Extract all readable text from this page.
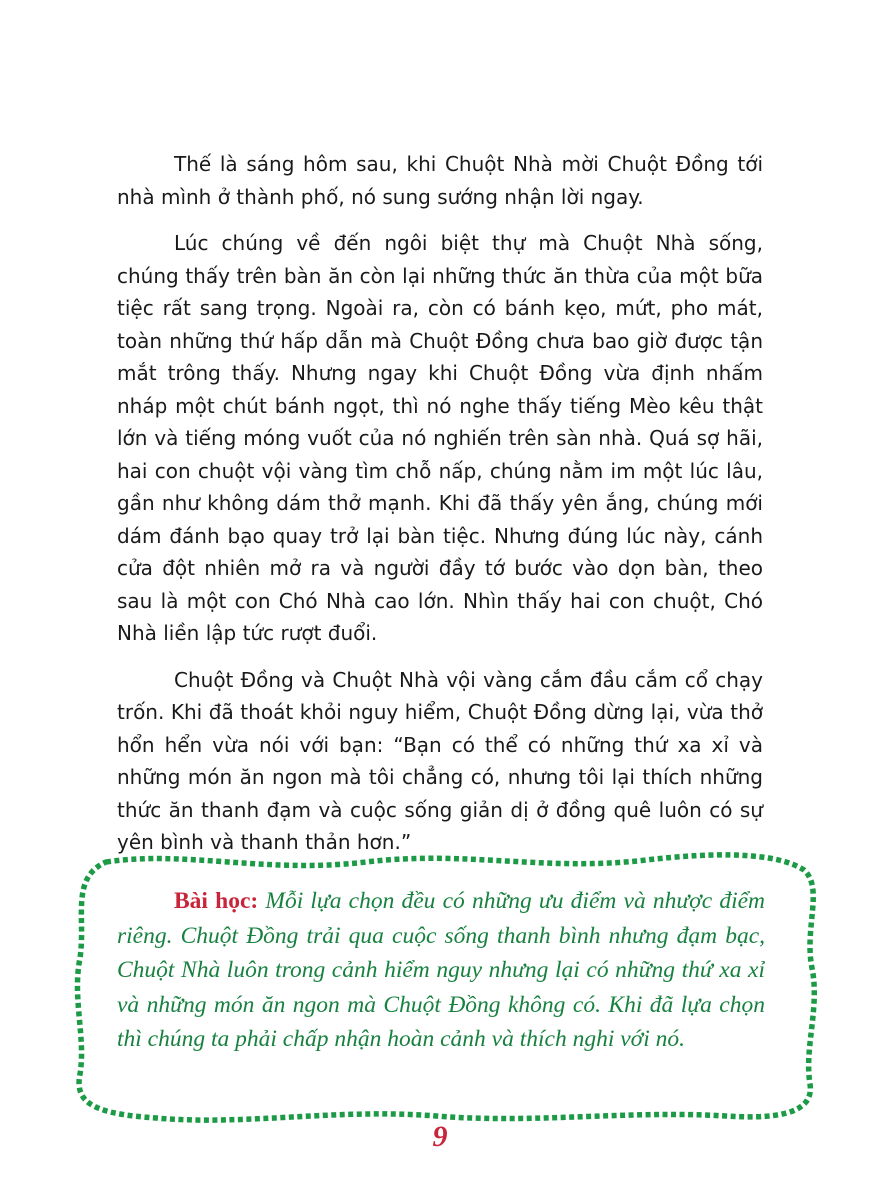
Thế là sáng hôm sau, khi Chuột Nhà mời Chuột Đồng tới nhà mình ở thành phố, nó sung sướng nhận lời ngay.

Lúc chúng về đến ngôi biệt thự mà Chuột Nhà sống, chúng thấy trên bàn ăn còn lại những thức ăn thừa của một bữa tiệc rất sang trọng. Ngoài ra, còn có bánh kẹo, mứt, pho mát, toàn những thứ hấp dẫn mà Chuột Đồng chưa bao giờ được tận mắt trông thấy. Nhưng ngay khi Chuột Đồng vừa định nhấm nháp một chút bánh ngọt, thì nó nghe thấy tiếng Mèo kêu thật lớn và tiếng móng vuốt của nó nghiến trên sàn nhà. Quá sợ hãi, hai con chuột vội vàng tìm chỗ nấp, chúng nằm im một lúc lâu, gần như không dám thở mạnh. Khi đã thấy yên ắng, chúng mới dám đánh bạo quay trở lại bàn tiệc. Nhưng đúng lúc này, cánh cửa đột nhiên mở ra và người đầy tớ bước vào dọn bàn, theo sau là một con Chó Nhà cao lớn. Nhìn thấy hai con chuột, Chó Nhà liền lập tức rượt đuổi.

Chuột Đồng và Chuột Nhà vội vàng cắm đầu cắm cổ chạy trốn. Khi đã thoát khỏi nguy hiểm, Chuột Đồng dừng lại, vừa thở hổn hển vừa nói với bạn: “Bạn có thể có những thứ xa xỉ và những món ăn ngon mà tôi chẳng có, nhưng tôi lại thích những thức ăn thanh đạm và cuộc sống giản dị ở đồng quê luôn có sự yên bình và thanh thản hơn.”

Bài học: Mỗi lựa chọn đều có những ưu điểm và nhược điểm riêng. Chuột Đồng trải qua cuộc sống thanh bình nhưng đạm bạc, Chuột Nhà luôn trong cảnh hiểm nguy nhưng lại có những thứ xa xỉ và những món ăn ngon mà Chuột Đồng không có. Khi đã lựa chọn thì chúng ta phải chấp nhận hoàn cảnh và thích nghi với nó.

9
